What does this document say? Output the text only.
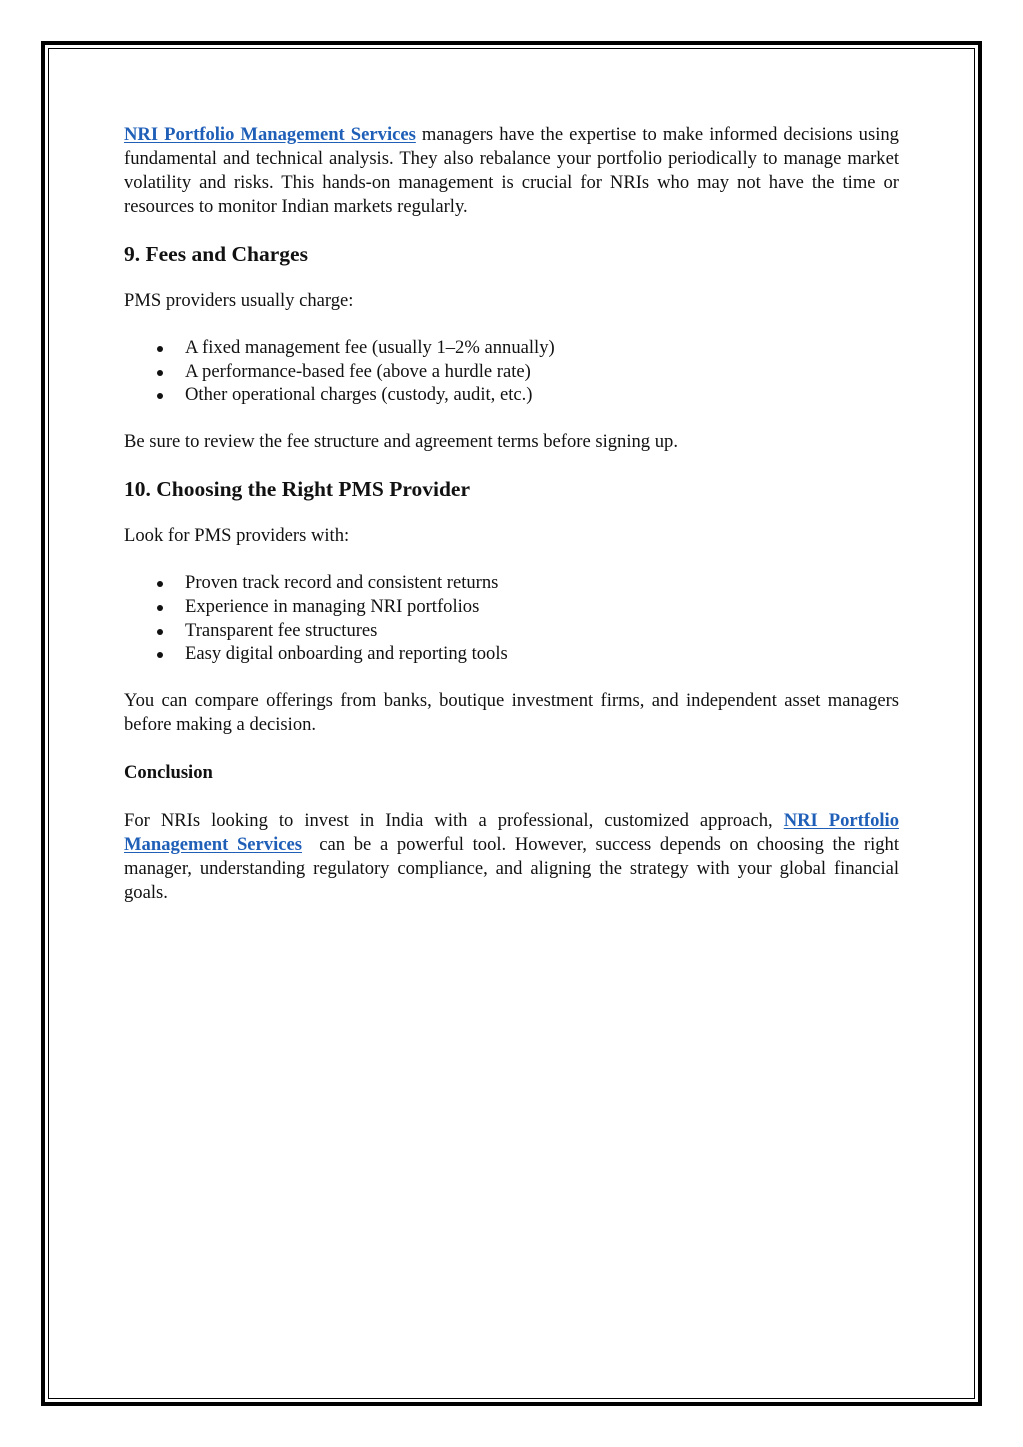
NRI Portfolio Management Services managers have the expertise to make informed decisions using fundamental and technical analysis. They also rebalance your portfolio periodically to manage market volatility and risks. This hands-on management is crucial for NRIs who may not have the time or resources to monitor Indian markets regularly.

9. Fees and Charges

PMS providers usually charge:

A fixed management fee (usually 1–2% annually)
A performance-based fee (above a hurdle rate)
Other operational charges (custody, audit, etc.)

Be sure to review the fee structure and agreement terms before signing up.

10. Choosing the Right PMS Provider

Look for PMS providers with:

Proven track record and consistent returns
Experience in managing NRI portfolios
Transparent fee structures
Easy digital onboarding and reporting tools

You can compare offerings from banks, boutique investment firms, and independent asset managers before making a decision.

Conclusion

For NRIs looking to invest in India with a professional, customized approach, NRI Portfolio Management Services  can be a powerful tool. However, success depends on choosing the right manager, understanding regulatory compliance, and aligning the strategy with your global financial goals.
